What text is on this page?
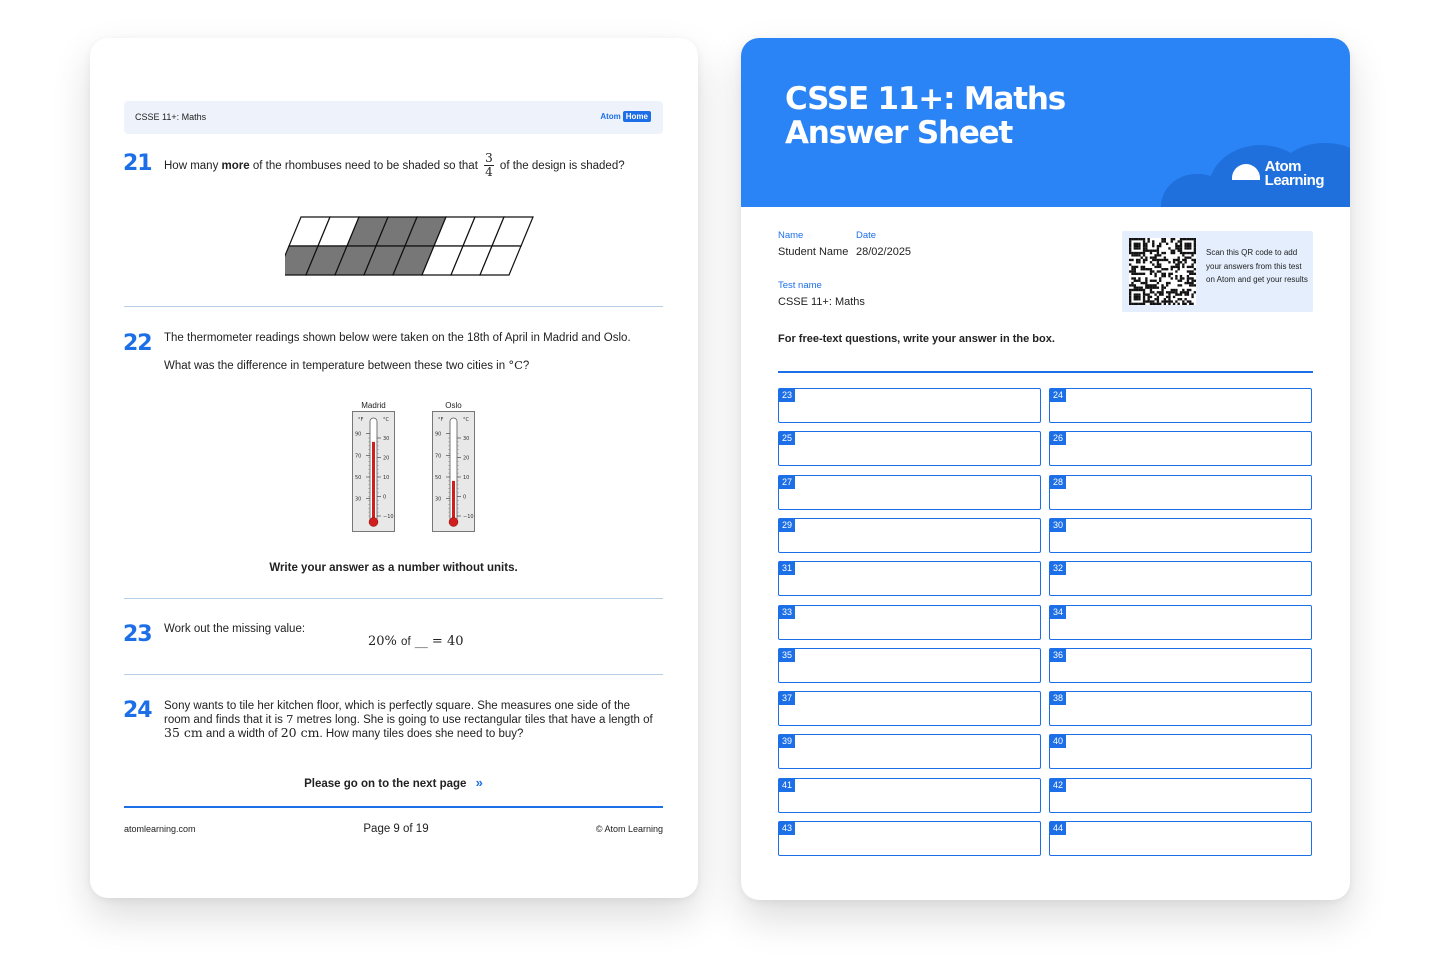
CSSE 11+: Maths	Atom Home
21 How many more of the rhombuses need to be shaded so that $\frac{3}{4}$ of the design is shaded?
22 The thermometer readings shown below were taken on the 18th of April in Madrid and Oslo.
What was the difference in temperature between these two cities in °C?
Madrid	Oslo
°F	°C
30
20
10
0
−10
90
70
50
30
°F	°C
30
20
10
0
−10
90
70
50
30
Write your answer as a number without units.
23 Work out the missing value:
20% of __ = 40
24 Sony wants to tile her kitchen floor, which is perfectly square. She measures one side of the
room and finds that it is 7 metres long. She is going to use rectangular tiles that have a length of
35 cm and a width of 20 cm. How many tiles does she need to buy?
Please go on to the next page »
atomlearning.com	Page 9 of 19	© Atom Learning
CSSE 11+: Maths
Answer Sheet
Atom
Learning
Name
Student Name
Date
28/02/2025
Test name
CSSE 11+: Maths
Scan this QR code to add your answers from this test on Atom and get your results
For free-text questions, write your answer in the box.
23	24
25	26
27	28
29	30
31	32
33	34
35	36
37	38
39	40
41	42
43	44
